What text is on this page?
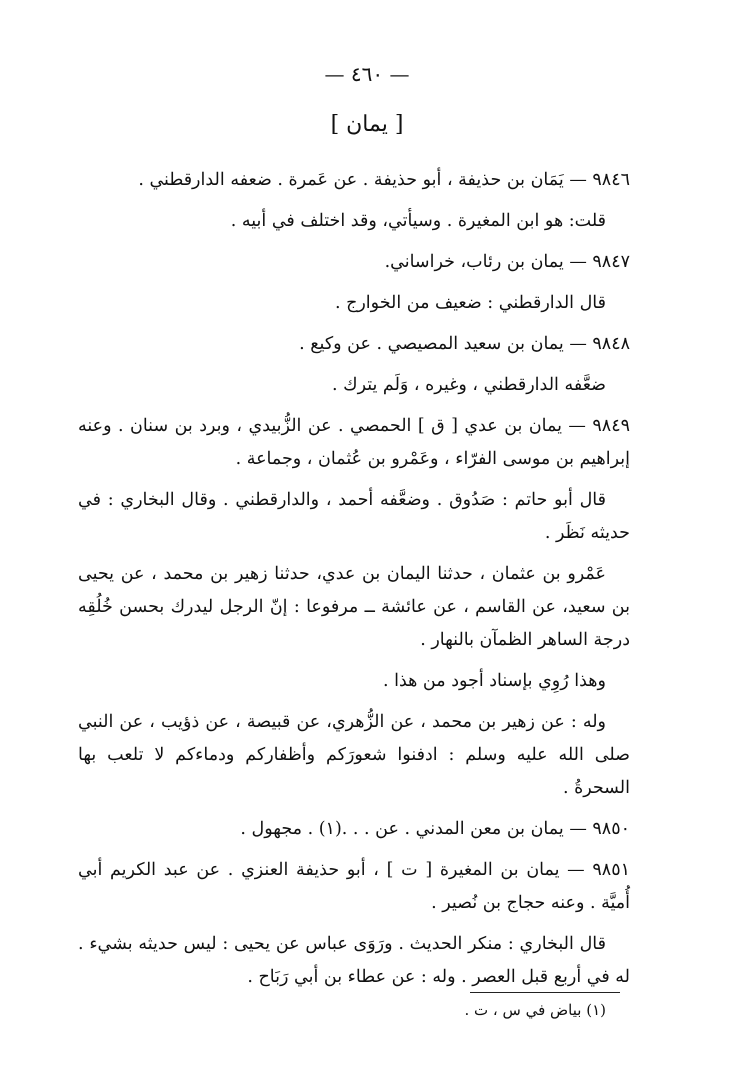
— ٤٦٠ —
[ يمان ]

٩٨٤٦ — يَمَان بن حذيفة ، أبو حذيفة . عن عَمرة . ضعفه الدارقطني .

قلت: هو ابن المغيرة . وسيأتي، وقد اختلف في أبيه .

٩٨٤٧ — يمان بن رئاب، خراساني.

قال الدارقطني : ضعيف من الخوارج .

٩٨٤٨ — يمان بن سعيد المصيصي . عن وكيع .

ضعَّفه الدارقطني ، وغيره ، وَلَم يترك .

٩٨٤٩ — يمان بن عدي [ ق ] الحمصي . عن الزُّبيدي ، وبرد بن سنان . وعنه إبراهيم بن موسى الفرّاء ، وعَمْرو بن عُثمان ، وجماعة .

قال أبو حاتم : صَدُوق . وضعَّفه أحمد ، والدارقطني . وقال البخاري : في حديثه نَظَر .

عَمْرو بن عثمان ، حدثنا اليمان بن عدي، حدثنا زهير بن محمد ، عن يحيى بن سعيد، عن القاسم ، عن عائشة ــ مرفوعا : إنّ الرجل ليدرك بحسن خُلُقِه درجة الساهر الظمآن بالنهار .

وهذا رُوِي بإسناد أجود من هذا .

وله : عن زهير بن محمد ، عن الزُّهري، عن قبيصة ، عن ذؤيب ، عن النبي صلى الله عليه وسلم : ادفنوا شعورَكم وأظفاركم ودماءكم لا تلعب بها السحرةُ .

٩٨٥٠ — يمان بن معن المدني . عن . . .(١) . مجهول .

٩٨٥١ — يمان بن المغيرة [ ت ] ، أبو حذيفة العنزي . عن عبد الكريم أبي أُميَّة . وعنه حجاج بن نُصير .

قال البخاري : منكر الحديث . ورَوَى عباس عن يحيى : ليس حديثه بشيء . له في أربع قبل العصر . وله : عن عطاء بن أبي رَبَاح .

(١) بياض في س ، ت .
